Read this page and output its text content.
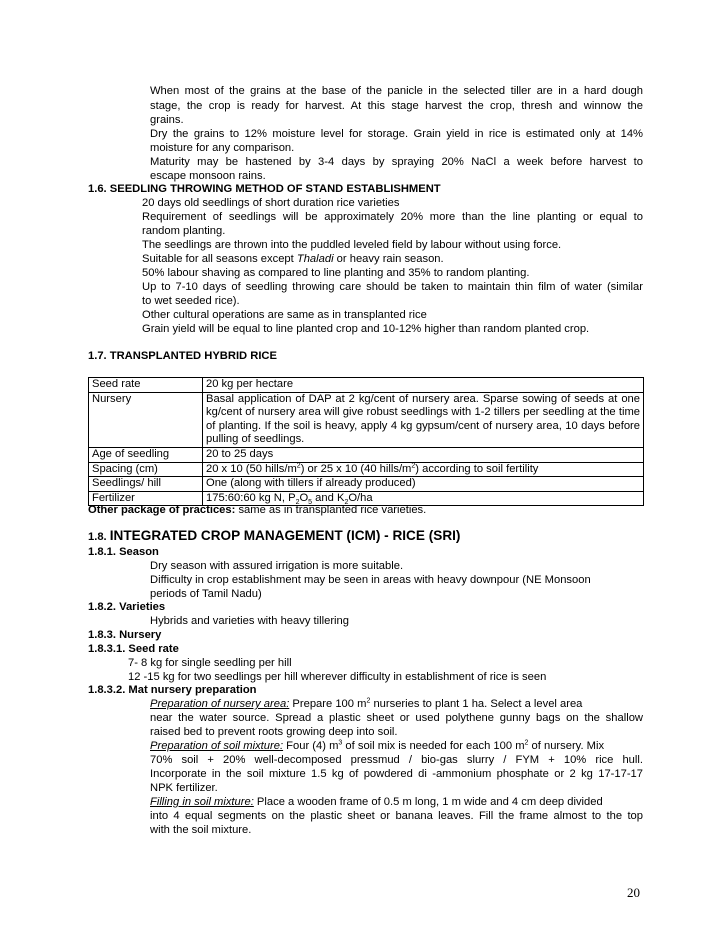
When most of the grains at the base of the panicle in the selected tiller are in a hard dough
stage, the crop is ready for harvest. At this stage harvest the crop, thresh and winnow the
grains.
Dry the grains to 12% moisture level for storage. Grain yield in rice is estimated only at 14%
moisture for any comparison.
Maturity may be hastened by 3-4 days by spraying 20% NaCl a week before harvest to
escape monsoon rains.
1.6. SEEDLING THROWING METHOD OF STAND ESTABLISHMENT
20 days old seedlings of short duration rice varieties
Requirement of seedlings will be approximately 20% more than the line planting or equal to
random planting.
The seedlings are thrown into the puddled leveled field by labour without using force.
Suitable for all seasons except Thaladi or heavy rain season.
50% labour shaving as compared to line planting and 35% to random planting.
Up to 7-10 days of seedling throwing care should be taken to maintain thin film of water (similar
to wet seeded rice).
Other cultural operations are same as in transplanted rice
Grain yield will be equal to line planted crop and 10-12% higher than random planted crop.
1.7. TRANSPLANTED HYBRID RICE
Seed rate	20 kg per hectare
Nursery	Basal application of DAP at 2 kg/cent of nursery area. Sparse sowing of seeds at one kg/cent of nursery area will give robust seedlings with 1-2 tillers per seedling at the time of planting. If the soil is heavy, apply 4 kg gypsum/cent of nursery area, 10 days before pulling of seedlings.
Age of seedling	20 to 25 days
Spacing (cm)	20 x 10 (50 hills/$m^2$) or 25 x 10 (40 hills/$m^2$) according to soil fertility
Seedlings/ hill	One (along with tillers if already produced)
Fertilizer	175:60:60 kg N, $P_2O_5$ and $K_2O/ha$
Other package of practices: same as in transplanted rice varieties.
1.8. INTEGRATED CROP MANAGEMENT (ICM) - RICE (SRI)
1.8.1. Season
Dry season with assured irrigation is more suitable.
Difficulty in crop establishment may be seen in areas with heavy downpour (NE Monsoon
periods of Tamil Nadu)
1.8.2. Varieties
Hybrids and varieties with heavy tillering
1.8.3. Nursery
1.8.3.1. Seed rate
7- 8 kg for single seedling per hill
12 -15 kg for two seedlings per hill wherever difficulty in establishment of rice is seen
1.8.3.2. Mat nursery preparation
Preparation of nursery area: Prepare 100 $m^2$ nurseries to plant 1 ha. Select a level area
near the water source. Spread a plastic sheet or used polythene gunny bags on the shallow
raised bed to prevent roots growing deep into soil.
Preparation of soil mixture: Four (4) $m^3$ of soil mix is needed for each 100 $m^2$ of nursery. Mix
70% soil + 20% well-decomposed pressmud / bio-gas slurry / FYM + 10% rice hull.
Incorporate in the soil mixture 1.5 kg of powdered di -ammonium phosphate or 2 kg 17-17-17
NPK fertilizer.
Filling in soil mixture: Place a wooden frame of 0.5 m long, 1 m wide and 4 cm deep divided
into 4 equal segments on the plastic sheet or banana leaves. Fill the frame almost to the top
with the soil mixture.
20
